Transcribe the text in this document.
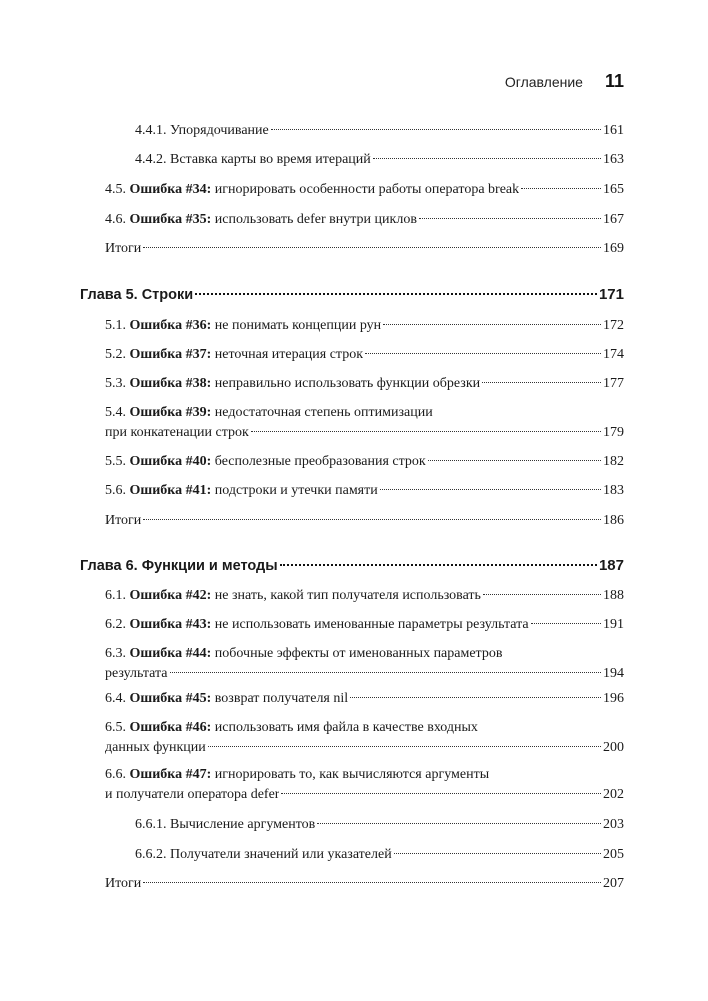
Оглавление 11
4.4.1. Упорядочивание	161
4.4.2. Вставка карты во время итераций	163
4.5. Ошибка #34: игнорировать особенности работы оператора break	165
4.6. Ошибка #35: использовать defer внутри циклов	167
Итоги	169
Глава 5. Строки	171
5.1. Ошибка #36: не понимать концепции рун	172
5.2. Ошибка #37: неточная итерация строк	174
5.3. Ошибка #38: неправильно использовать функции обрезки	177
5.4. Ошибка #39: недостаточная степень оптимизации
при конкатенации строк	179
5.5. Ошибка #40: бесполезные преобразования строк	182
5.6. Ошибка #41: подстроки и утечки памяти	183
Итоги	186
Глава 6. Функции и методы	187
6.1. Ошибка #42: не знать, какой тип получателя использовать	188
6.2. Ошибка #43: не использовать именованные параметры результата	191
6.3. Ошибка #44: побочные эффекты от именованных параметров
результата	194
6.4. Ошибка #45: возврат получателя nil	196
6.5. Ошибка #46: использовать имя файла в качестве входных
данных функции	200
6.6. Ошибка #47: игнорировать то, как вычисляются аргументы
и получатели оператора defer	202
6.6.1. Вычисление аргументов	203
6.6.2. Получатели значений или указателей	205
Итоги	207
